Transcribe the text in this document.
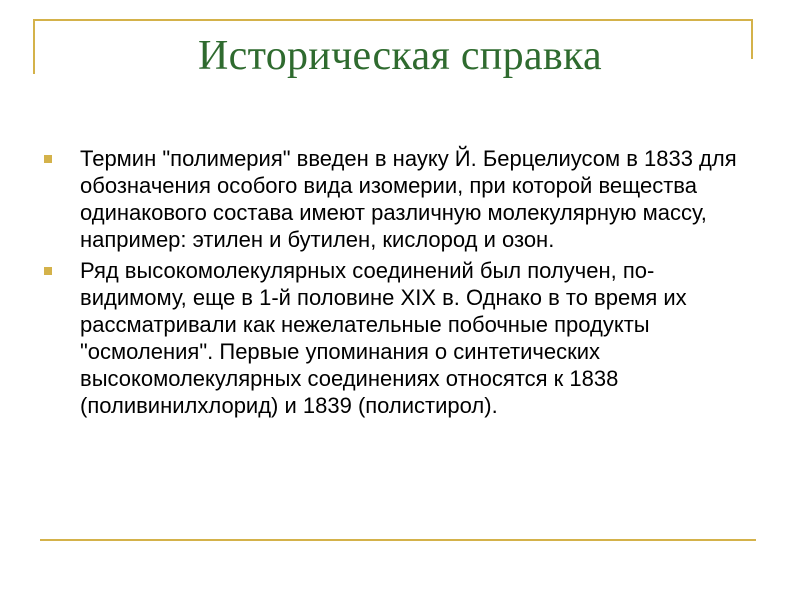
Историческая справка
Термин "полимерия" введен в науку Й. Берцелиусом в 1833 для обозначения особого вида изомерии, при которой вещества одинакового состава имеют различную молекулярную массу, например: этилен и бутилен, кислород и озон.
Ряд высокомолекулярных соединений был получен, по-видимому, еще в 1-й половине XIX в. Однако в то время их рассматривали как нежелательные побочные продукты "осмоления". Первые упоминания о синтетических высокомолекулярных соединениях относятся к 1838 (поливинилхлорид) и 1839 (полистирол).
